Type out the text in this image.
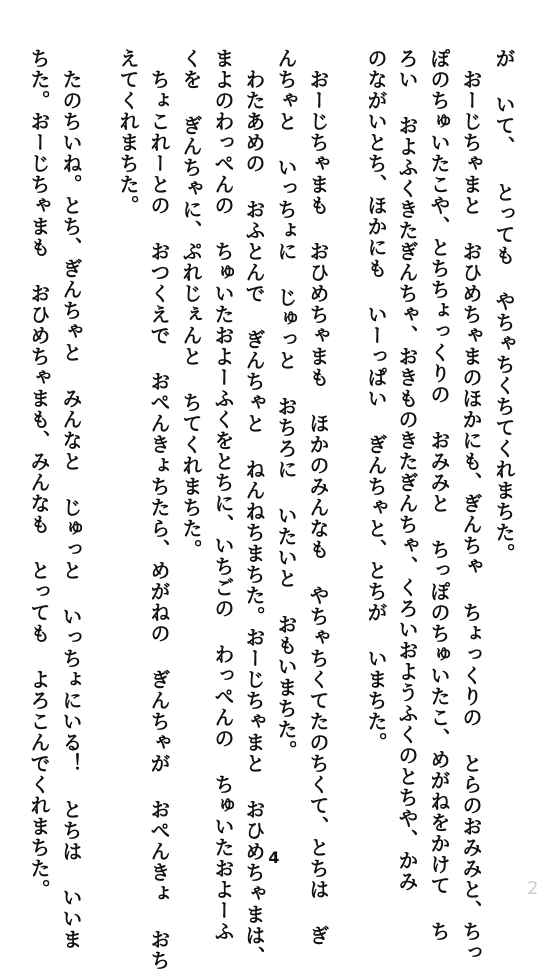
が いて、 とっても やちゃちくちてくれまちた。
　おーじちゃまと おひめちゃまのほかにも、ぎんちゃ ちょっくりの とらのおみみと、ちっ
ぽのちゅいたこや、とちちょっくりの おみみと ちっぽのちゅいたこ、めがねをかけて ち
ろい およふくきたぎんちゃ、おきものきたぎんちゃ、くろいおようふくのとちや、かみ
のながいとち、ほかにも いーっぱい ぎんちゃと、とちが いまちた。
　おーじちゃまも おひめちゃまも ほかのみんなも やちゃちくてたのちくて、とちは ぎ
んちゃと いっちょに じゅっと おちろに いたいと おもいまちた。
　わたあめの おふとんで ぎんちゃと ねんねちまちた。おーじちゃまと おひめちゃまは、
まよのわっぺんの ちゅいたおよーふくをとちに、いちごの わっぺんの ちゅいたおよーふ
くを ぎんちゃに、ぷれじぇんと ちてくれまちた。
　ちょこれーとの おつくえで おぺんきょちたら、めがねの ぎんちゃが おぺんきょ おち
えてくれまちた。
　たのちいね。とち、ぎんちゃと みんなと じゅっと いっちょにいる！ とちは いいま
ちた。おーじちゃまも おひめちゃまも、みんなも とっても よろこんでくれまちた。	4
2
